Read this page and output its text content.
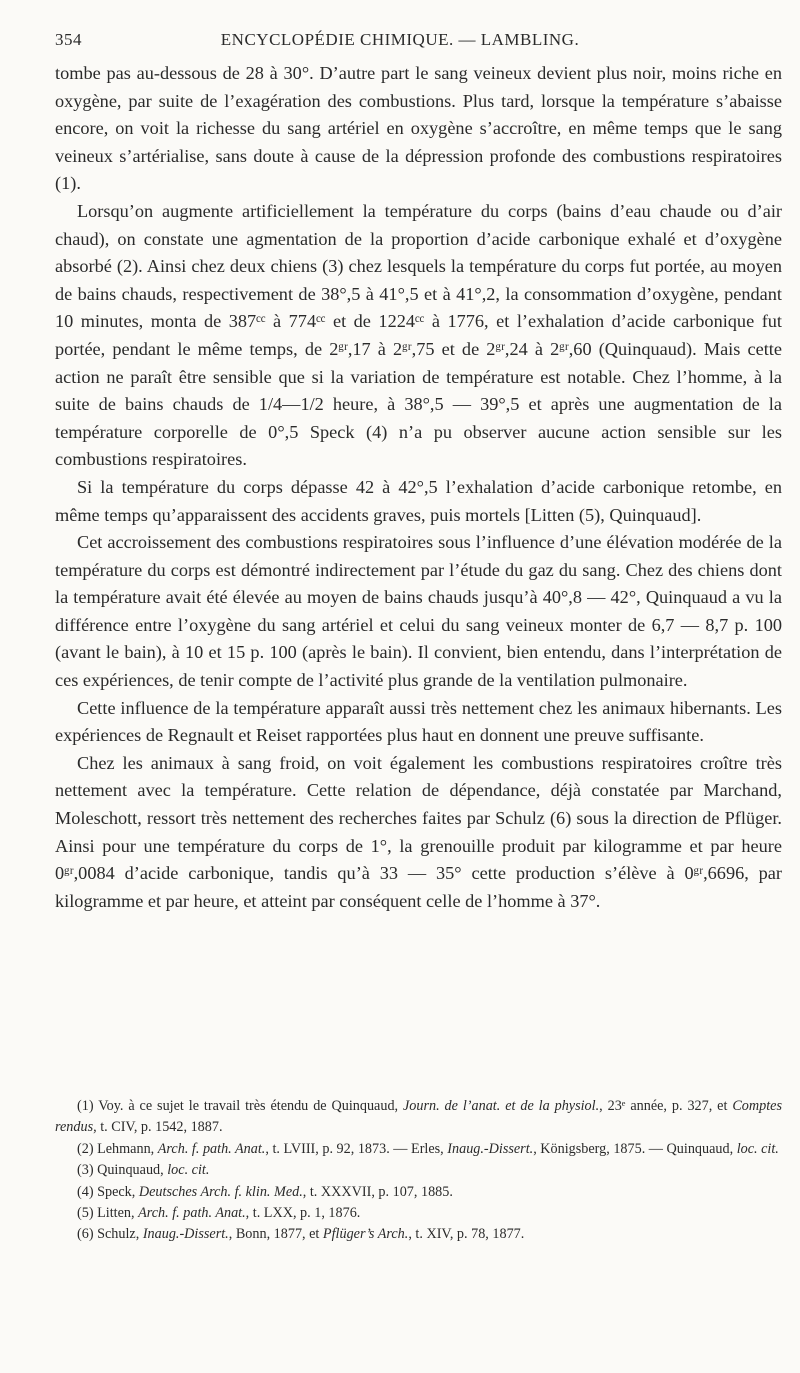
354	ENCYCLOPÉDIE CHIMIQUE. — LAMBLING.

tombe pas au-dessous de 28 à 30°. D’autre part le sang veineux devient plus noir, moins riche en oxygène, par suite de l’exagération des combustions. Plus tard, lorsque la température s’abaisse encore, on voit la richesse du sang artériel en oxygène s’accroître, en même temps que le sang veineux s’artérialise, sans doute à cause de la dépression profonde des combustions respiratoires (1).

Lorsqu’on augmente artificiellement la température du corps (bains d’eau chaude ou d’air chaud), on constate une agmentation de la proportion d’acide carbonique exhalé et d’oxygène absorbé (2). Ainsi chez deux chiens (3) chez lesquels la température du corps fut portée, au moyen de bains chauds, respectivement de 38°,5 à 41°,5 et à 41°,2, la consommation d’oxygène, pendant 10 minutes, monta de 387ᶜᶜ à 774ᶜᶜ et de 1224ᶜᶜ à 1776, et l’exhalation d’acide carbonique fut portée, pendant le même temps, de 2ᵍʳ,17 à 2ᵍʳ,75 et de 2ᵍʳ,24 à 2ᵍʳ,60 (Quinquaud). Mais cette action ne paraît être sensible que si la variation de température est notable. Chez l’homme, à la suite de bains chauds de 1/4—1/2 heure, à 38°,5 — 39°,5 et après une augmentation de la température corporelle de 0°,5 Speck (4) n’a pu observer aucune action sensible sur les combustions respiratoires.

Si la température du corps dépasse 42 à 42°,5 l’exhalation d’acide carbonique retombe, en même temps qu’apparaissent des accidents graves, puis mortels [Litten (5), Quinquaud].

Cet accroissement des combustions respiratoires sous l’influence d’une élévation modérée de la température du corps est démontré indirectement par l’étude du gaz du sang. Chez des chiens dont la température avait été élevée au moyen de bains chauds jusqu’à 40°,8 — 42°, Quinquaud a vu la différence entre l’oxygène du sang artériel et celui du sang veineux monter de 6,7 — 8,7 p. 100 (avant le bain), à 10 et 15 p. 100 (après le bain). Il convient, bien entendu, dans l’interprétation de ces expériences, de tenir compte de l’activité plus grande de la ventilation pulmonaire.

Cette influence de la température apparaît aussi très nettement chez les animaux hibernants. Les expériences de Regnault et Reiset rapportées plus haut en donnent une preuve suffisante.

Chez les animaux à sang froid, on voit également les combustions respiratoires croître très nettement avec la température. Cette relation de dépendance, déjà constatée par Marchand, Moleschott, ressort très nettement des recherches faites par Schulz (6) sous la direction de Pflüger. Ainsi pour une température du corps de 1°, la grenouille produit par kilogramme et par heure 0ᵍʳ,0084 d’acide carbonique, tandis qu’à 33 — 35° cette production s’élève à 0ᵍʳ,6696, par kilogramme et par heure, et atteint par conséquent celle de l’homme à 37°.

(1) Voy. à ce sujet le travail très étendu de Quinquaud, Journ. de l’anat. et de la physiol., 23ᵉ année, p. 327, et Comptes rendus, t. CIV, p. 1542, 1887.

(2) Lehmann, Arch. f. path. Anat., t. LVIII, p. 92, 1873. — Erles, Inaug.-Dissert., Königsberg, 1875. — Quinquaud, loc. cit.

(3) Quinquaud, loc. cit.

(4) Speck, Deutsches Arch. f. klin. Med., t. XXXVII, p. 107, 1885.

(5) Litten, Arch. f. path. Anat., t. LXX, p. 1, 1876.

(6) Schulz, Inaug.-Dissert., Bonn, 1877, et Pflüger’s Arch., t. XIV, p. 78, 1877.
